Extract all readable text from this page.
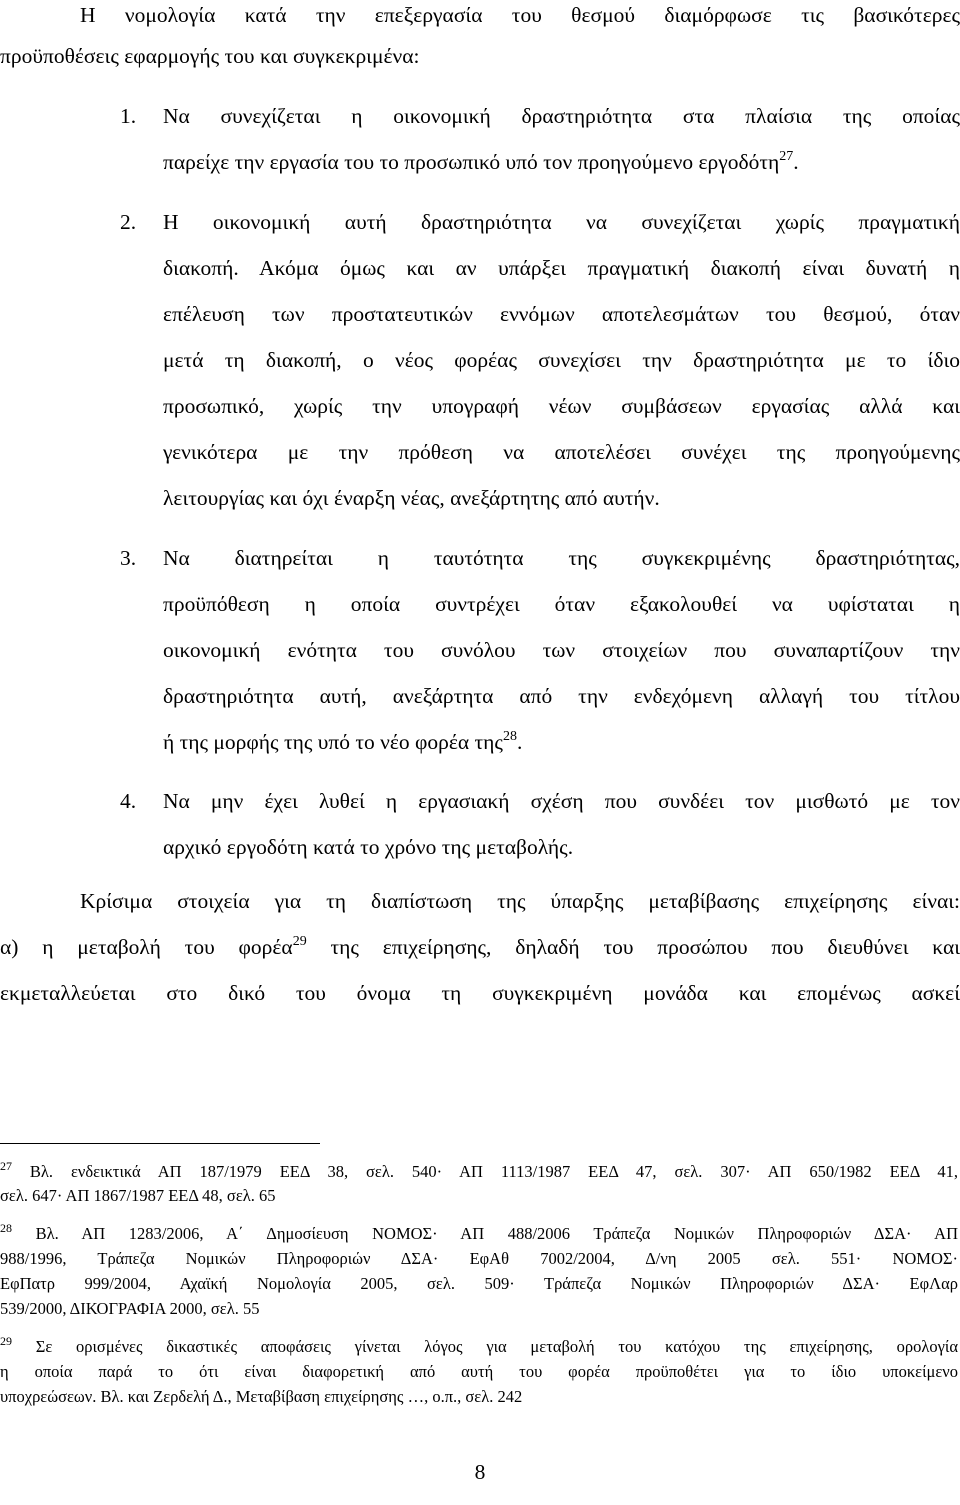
Η νομολογία κατά την επεξεργασία του θεσμού διαμόρφωσε τις βασικότερες
προϋποθέσεις εφαρμογής του και συγκεκριμένα:
1. Να συνεχίζεται η οικονομική δραστηριότητα στα πλαίσια της οποίας
παρείχε την εργασία του το προσωπικό υπό τον προηγούμενο εργοδότη$^{27}$.
2. Η οικονομική αυτή δραστηριότητα να συνεχίζεται χωρίς πραγματική
διακοπή. Ακόμα όμως και αν υπάρξει πραγματική διακοπή είναι δυνατή η
επέλευση των προστατευτικών εννόμων αποτελεσμάτων του θεσμού, όταν
μετά τη διακοπή, ο νέος φορέας συνεχίσει την δραστηριότητα με το ίδιο
προσωπικό, χωρίς την υπογραφή νέων συμβάσεων εργασίας αλλά και
γενικότερα με την πρόθεση να αποτελέσει συνέχει της προηγούμενης
λειτουργίας και όχι έναρξη νέας, ανεξάρτητης από αυτήν.
3. Να διατηρείται η ταυτότητα της συγκεκριμένης δραστηριότητας,
προϋπόθεση η οποία συντρέχει όταν εξακολουθεί να υφίσταται η
οικονομική ενότητα του συνόλου των στοιχείων που συναπαρτίζουν την
δραστηριότητα αυτή, ανεξάρτητα από την ενδεχόμενη αλλαγή του τίτλου
ή της μορφής της υπό το νέο φορέα της$^{28}$.
4. Να μην έχει λυθεί η εργασιακή σχέση που συνδέει τον μισθωτό με τον
αρχικό εργοδότη κατά το χρόνο της μεταβολής.
Κρίσιμα στοιχεία για τη διαπίστωση της ύπαρξης μεταβίβασης επιχείρησης είναι:
α) η μεταβολή του φορέα$^{29}$ της επιχείρησης, δηλαδή του προσώπου που διευθύνει και
εκμεταλλεύεται στο δικό του όνομα τη συγκεκριμένη μονάδα και επομένως ασκεί
$^{27}$ Βλ. ενδεικτικά ΑΠ 187/1979 ΕΕΔ 38, σελ. 540· ΑΠ 1113/1987 ΕΕΔ 47, σελ. 307· ΑΠ 650/1982 ΕΕΔ 41,
σελ. 647· ΑΠ 1867/1987 ΕΕΔ 48, σελ. 65
$^{28}$ Βλ. ΑΠ 1283/2006, Α΄ Δημοσίευση ΝΟΜΟΣ· ΑΠ 488/2006 Τράπεζα Νομικών Πληροφοριών ΔΣΑ· ΑΠ
988/1996, Τράπεζα Νομικών Πληροφοριών ΔΣΑ· ΕφΑθ 7002/2004, Δ/νη 2005 σελ. 551· ΝΟΜΟΣ·
ΕφΠατρ 999/2004, Αχαϊκή Νομολογία 2005, σελ. 509· Τράπεζα Νομικών Πληροφοριών ΔΣΑ· ΕφΛαρ
539/2000, ΔΙΚΟΓΡΑΦΙΑ 2000, σελ. 55
$^{29}$ Σε ορισμένες δικαστικές αποφάσεις γίνεται λόγος για μεταβολή του κατόχου της επιχείρησης, ορολογία
η οποία παρά το ότι είναι διαφορετική από αυτή του φορέα προϋποθέτει για το ίδιο υποκείμενο
υποχρεώσεων. Βλ. και Ζερδελή Δ., Μεταβίβαση επιχείρησης …, ο.π., σελ. 242
8
